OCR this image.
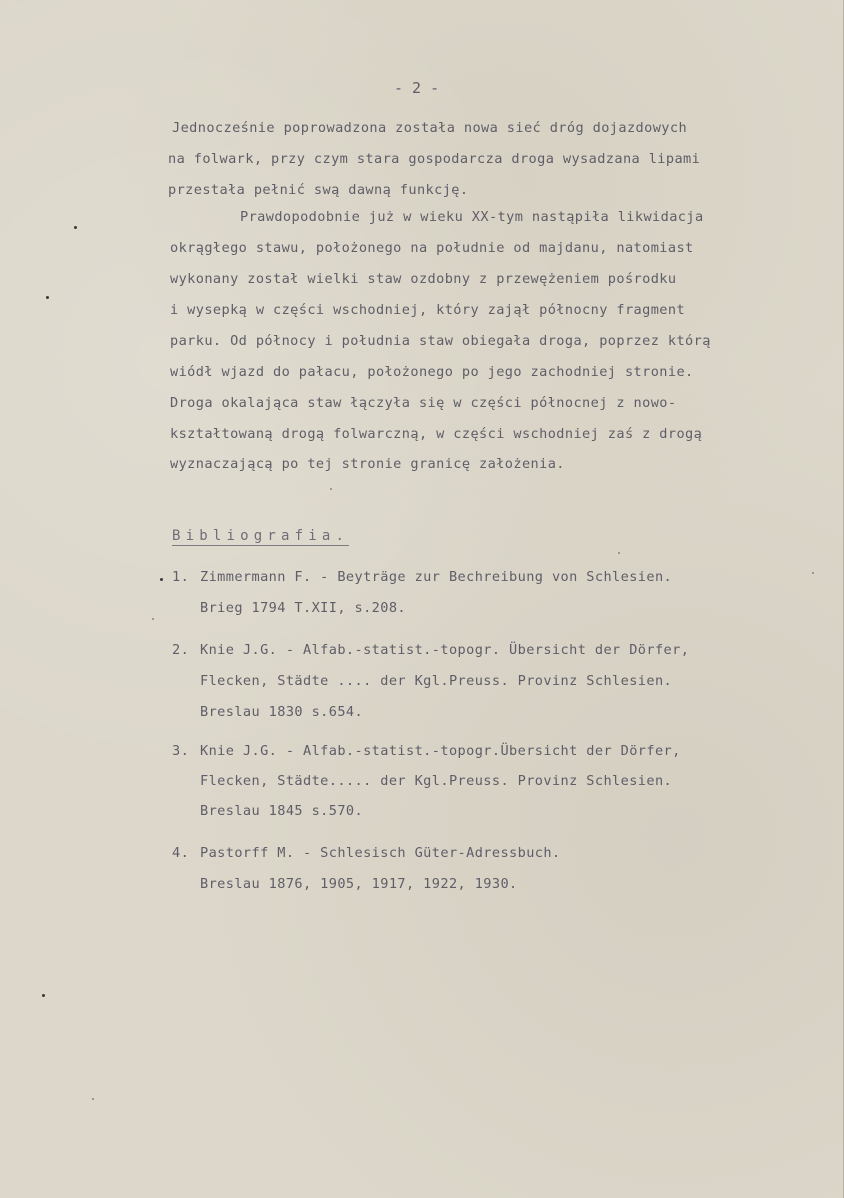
- 2 -
Jednocześnie poprowadzona została nowa sieć dróg dojazdowych
na folwark, przy czym stara gospodarcza droga wysadzana lipami
przestała pełnić swą dawną funkcję.
Prawdopodobnie już w wieku XX-tym nastąpiła likwidacja
okrągłego stawu, położonego na południe od majdanu, natomiast
wykonany został wielki staw ozdobny z przewężeniem pośrodku
i wysepką w części wschodniej, który zajął północny fragment
parku. Od północy i południa staw obiegała droga, poprzez którą
wiódł wjazd do pałacu, położonego po jego zachodniej stronie.
Droga okalająca staw łączyła się w części północnej z nowo-
kształtowaną drogą folwarczną, w części wschodniej zaś z drogą
wyznaczającą po tej stronie granicę założenia.
Bibliografia.
1. Zimmermann F. - Beyträge zur Bechreibung von Schlesien.
Brieg 1794 T.XII, s.208.
2. Knie J.G. - Alfab.-statist.-topogr. Übersicht der Dörfer,
Flecken, Städte .... der Kgl.Preuss. Provinz Schlesien.
Breslau 1830 s.654.
3. Knie J.G. - Alfab.-statist.-topogr.Übersicht der Dörfer,
Flecken, Städte..... der Kgl.Preuss. Provinz Schlesien.
Breslau 1845 s.570.
4. Pastorff M. - Schlesisch Güter-Adressbuch.
Breslau 1876, 1905, 1917, 1922, 1930.
